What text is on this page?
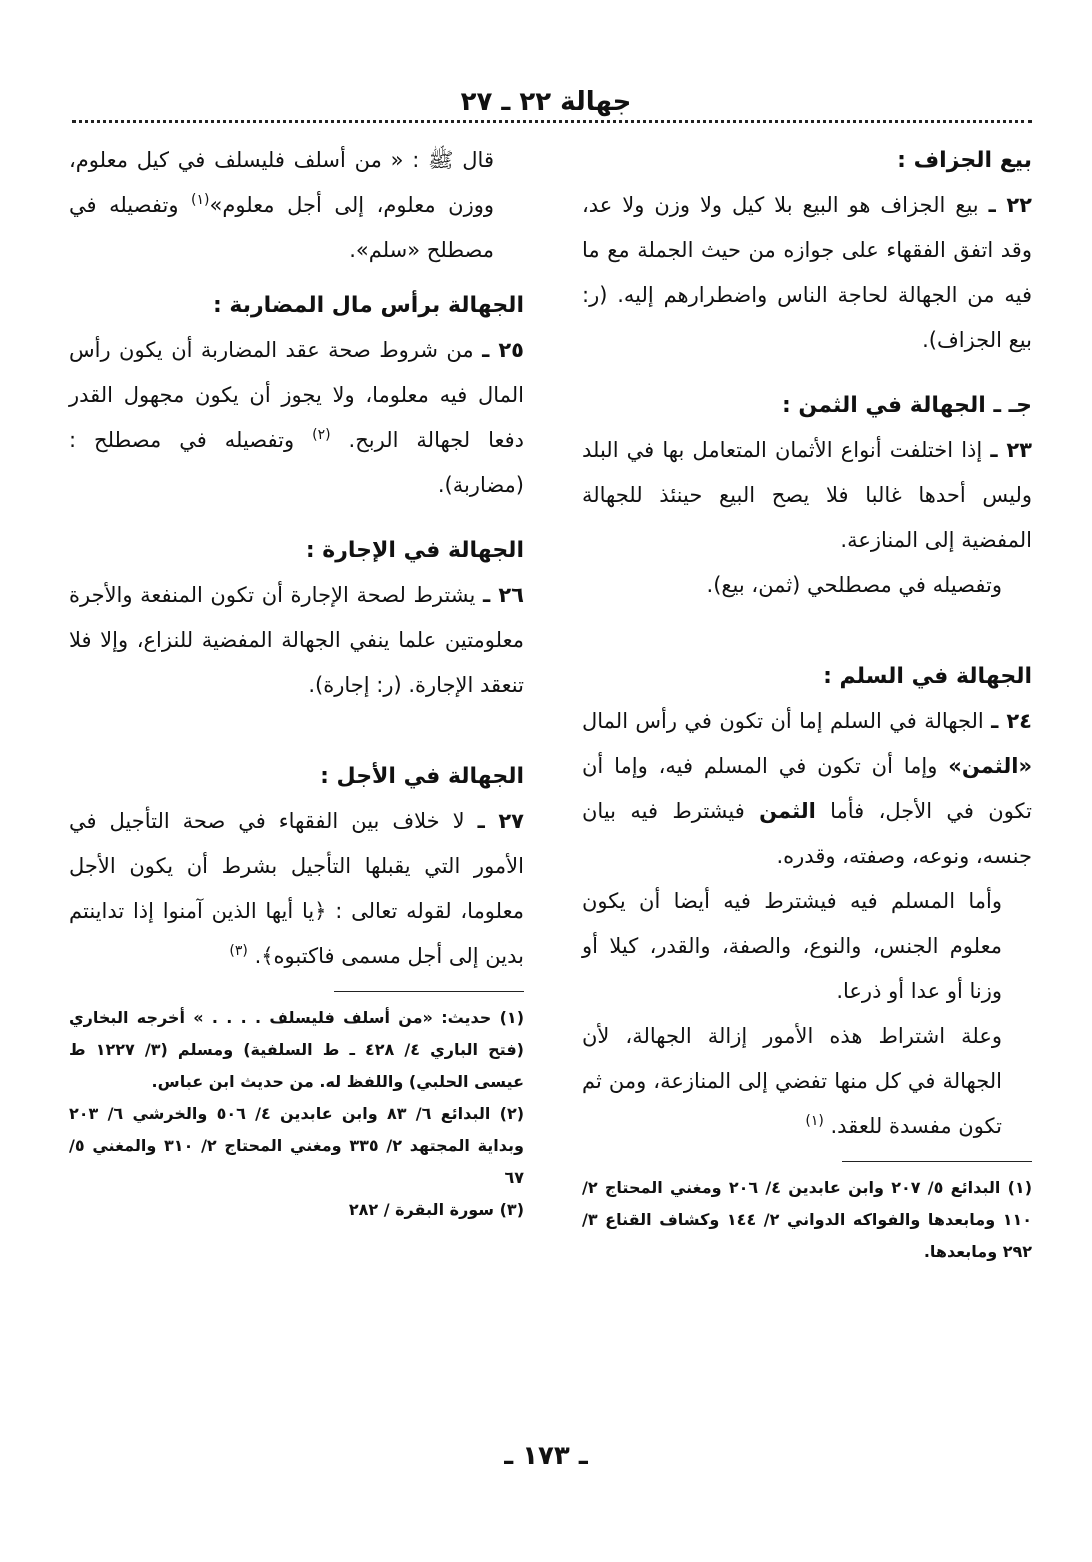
جهالة ٢٢ ـ ٢٧

بيع الجزاف :

٢٢ ـ بيع الجزاف هو البيع بلا كيل ولا وزن ولا عد، وقد اتفق الفقهاء على جوازه من حيث الجملة مع ما فيه من الجهالة لحاجة الناس واضطرارهم إليه. (ر: بيع الجزاف).

جـ ـ الجهالة في الثمن :

٢٣ ـ إذا اختلفت أنواع الأثمان المتعامل بها في البلد وليس أحدها غالبا فلا يصح البيع حينئذ للجهالة المفضية إلى المنازعة.

وتفصيله في مصطلحي (ثمن، بيع).

الجهالة في السلم :

٢٤ ـ الجهالة في السلم إما أن تكون في رأس المال «الثمن» وإما أن تكون في المسلم فيه، وإما أن تكون في الأجل، فأما الثمن فيشترط فيه بيان جنسه، ونوعه، وصفته، وقدره.

وأما المسلم فيه فيشترط فيه أيضا أن يكون معلوم الجنس، والنوع، والصفة، والقدر، كيلا أو وزنا أو عدا أو ذرعا.

وعلة اشتراط هذه الأمور إزالة الجهالة، لأن الجهالة في كل منها تفضي إلى المنازعة، ومن ثم تكون مفسدة للعقد. $^{(١)}$

(١) البدائع ٥/ ٢٠٧ وابن عابدين ٤/ ٢٠٦ ومغني المحتاج ٢/ ١١٠ ومابعدها والفواكه الدواني ٢/ ١٤٤ وكشاف القناع ٣/ ٢٩٢ ومابعدها.

قال ﷺ : « من أسلف فليسلف في كيل معلوم، ووزن معلوم، إلى أجل معلوم»$^{(١)}$ وتفصيله في مصطلح «سلم».

الجهالة برأس مال المضاربة :

٢٥ ـ من شروط صحة عقد المضاربة أن يكون رأس المال فيه معلوما، ولا يجوز أن يكون مجهول القدر دفعا لجهالة الربح. $^{(٢)}$ وتفصيله في مصطلح : (مضاربة).

الجهالة في الإجارة :

٢٦ ـ يشترط لصحة الإجارة أن تكون المنفعة والأجرة معلومتين علما ينفي الجهالة المفضية للنزاع، وإلا فلا تنعقد الإجارة. (ر: إجارة).

الجهالة في الأجل :

٢٧ ـ لا خلاف بين الفقهاء في صحة التأجيل في الأمور التي يقبلها التأجيل بشرط أن يكون الأجل معلوما، لقوله تعالى : ﴿يا أيها الذين آمنوا إذا تداينتم بدين إلى أجل مسمى فاكتبوه﴾. $^{(٣)}$

(١) حديث: «من أسلف فليسلف . . . . » أخرجه البخاري (فتح الباري ٤/ ٤٢٨ ـ ط السلفية) ومسلم (٣/ ١٢٢٧ ط عيسى الحلبي) واللفظ له. من حديث ابن عباس.

(٢) البدائع ٦/ ٨٣ وابن عابدين ٤/ ٥٠٦ والخرشي ٦/ ٢٠٣ وبداية المجتهد ٢/ ٣٣٥ ومغني المحتاج ٢/ ٣١٠ والمغني ٥/ ٦٧

(٣) سورة البقرة / ٢٨٢

ـ ١٧٣ ـ
